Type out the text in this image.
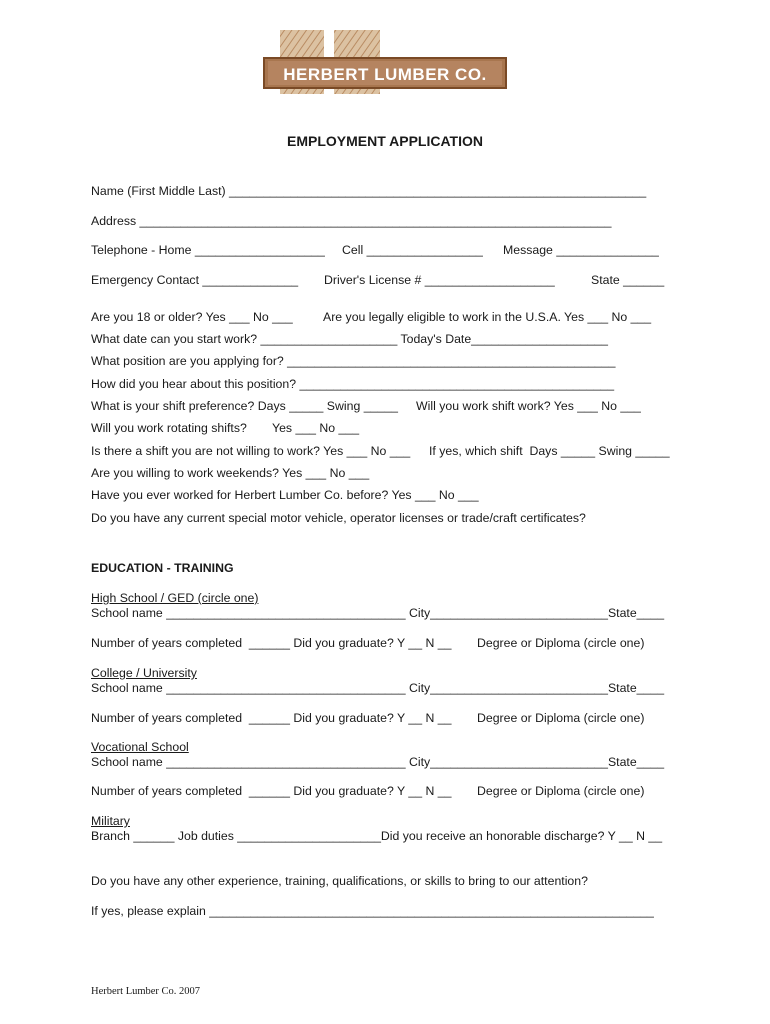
HERBERT LUMBER CO.
EMPLOYMENT APPLICATION
Name (First Middle Last) _____________________________________________________________
Address _____________________________________________________________________
Telephone - Home ___________________ Cell _________________ Message _______________
Emergency Contact ______________ Driver's License # ___________________	State ______
Are you 18 or older? Yes ___ No ___ Are you legally eligible to work in the U.S.A. Yes ___ No ___
What date can you start work? ____________________ Today's Date____________________
What position are you applying for? ________________________________________________
How did you hear about this position? ______________________________________________
What is your shift preference? Days _____ Swing _____ Will you work shift work? Yes ___ No ___
Will you work rotating shifts? Yes ___ No ___
Is there a shift you are not willing to work? Yes ___ No ___ If yes, which shift  Days _____ Swing _____
Are you willing to work weekends? Yes ___ No ___
Have you ever worked for Herbert Lumber Co. before? Yes ___ No ___
Do you have any current special motor vehicle, operator licenses or trade/craft certificates?
EDUCATION - TRAINING
High School / GED (circle one)
School name ___________________________________ City__________________________State____
Number of years completed  ______ Did you graduate? Y __ N __ Degree or Diploma (circle one)
College / University
School name ___________________________________ City__________________________State____
Number of years completed  ______ Did you graduate? Y __ N __ Degree or Diploma (circle one)
Vocational School
School name ___________________________________ City__________________________State____
Number of years completed  ______ Did you graduate? Y __ N __ Degree or Diploma (circle one)
Military
Branch ______ Job duties _____________________Did you receive an honorable discharge? Y __ N __
Do you have any other experience, training, qualifications, or skills to bring to our attention?
If yes, please explain _________________________________________________________________
Herbert Lumber Co. 2007
